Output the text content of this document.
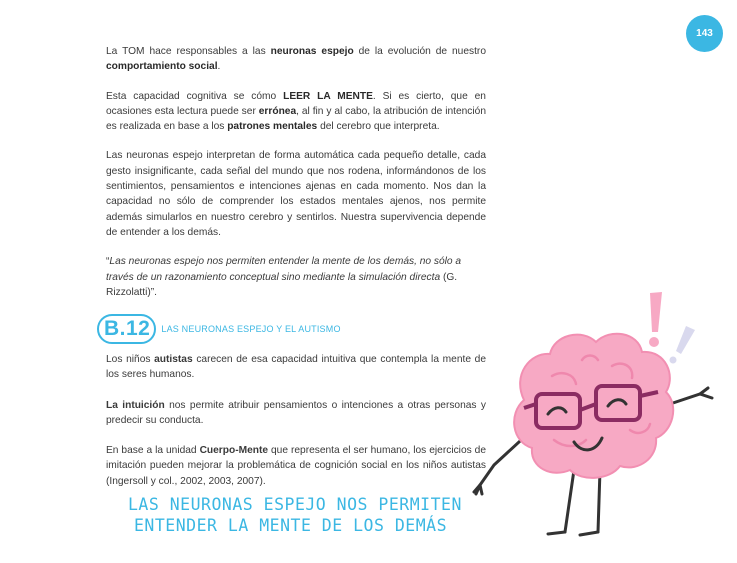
143

La TOM hace responsables a las neuronas espejo de la evolución de nuestro comportamiento social.

Esta capacidad cognitiva se cómo LEER LA MENTE. Si es cierto, que en ocasiones esta lectura puede ser errónea, al fin y al cabo, la atribución de intención es realizada en base a los patrones mentales del cerebro que interpreta.

Las neuronas espejo interpretan de forma automática cada pequeño detalle, cada gesto insignificante, cada señal del mundo que nos rodena, informándonos de los sentimientos, pensamientos e intenciones ajenas en cada momento. Nos dan la capacidad no sólo de comprender los estados mentales ajenos, nos permite además simularlos en nuestro cerebro y sentirlos. Nuestra supervivencia depende de entender a los demás.

“Las neuronas espejo nos permiten entender la mente de los demás, no sólo a través de un razonamiento conceptual sino mediante la simulación directa (G. Rizzolatti)”.

B.12	LAS NEURONAS ESPEJO Y EL AUTISMO

Los niños autistas carecen de esa capacidad intuitiva que contempla la mente de los seres humanos.

La intuición nos permite atribuir pensamientos o intenciones a otras personas y predecir su conducta.

En base a la unidad Cuerpo-Mente que representa el ser humano, los ejercicios de imitación pueden mejorar la problemática de cognición social en los niños autistas (Ingersoll y col., 2002, 2003, 2007).

LAS NEURONAS ESPEJO NOS PERMITEN
ENTENDER LA MENTE DE LOS DEMÁS
